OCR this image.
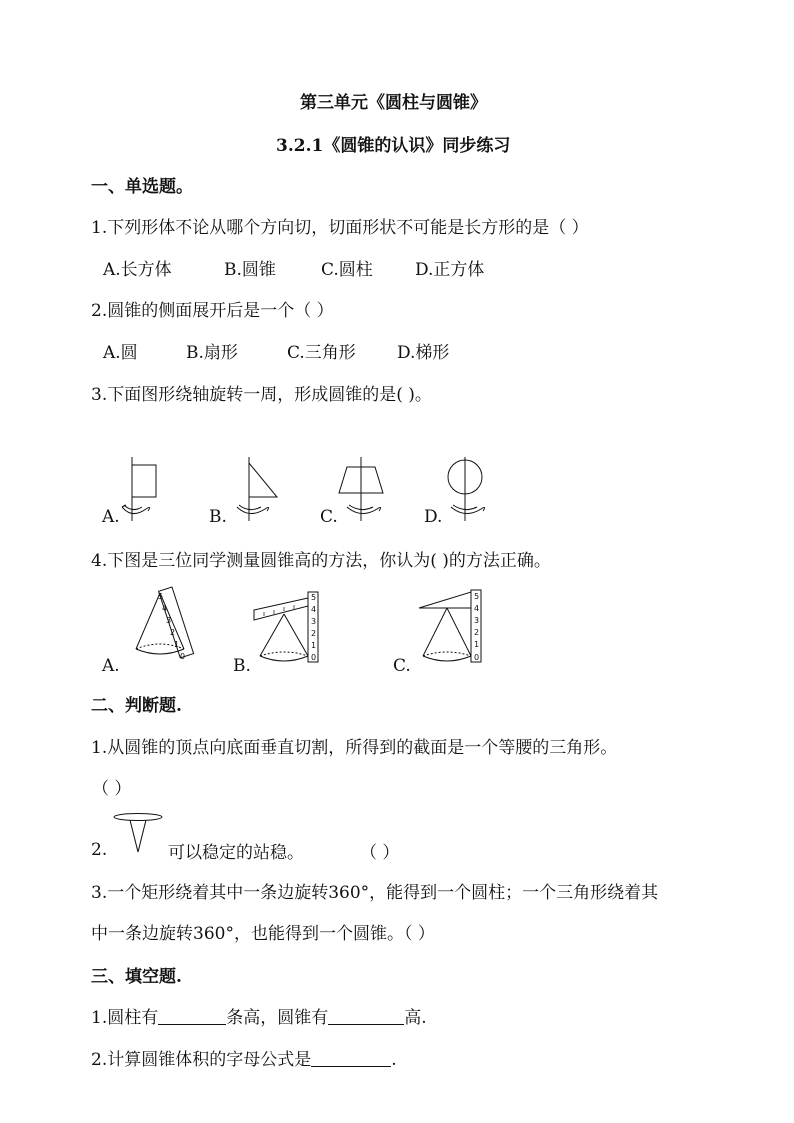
第三单元《圆柱与圆锥》
3.2.1《圆锥的认识》同步练习
一、单选题。
1.下列形体不论从哪个方向切，切面形状不可能是长方形的是（ ）
A.长方体	B.圆锥	C.圆柱 D.正方体
2.圆锥的侧面展开后是一个（ ）
A.圆	B.扇形	C.三角形 D.梯形
3.下面图形绕轴旋转一周，形成圆锥的是( )。
A.	B.	C.	D.
4.下图是三位同学测量圆锥高的方法，你认为( )的方法正确。
A.
5
4
3
2
1
0	B.
5
4
3
2
1
0	C.
5
4
3
2
1
0
二、判断题.
1.从圆锥的顶点向底面垂直切割，所得到的截面是一个等腰的三角形。
（ ）
2.	可以稳定的站稳。	（ ）
3.一个矩形绕着其中一条边旋转360°，能得到一个圆柱；一个三角形绕着其
中一条边旋转360°，也能得到一个圆锥。（ ）
三、填空题.
1.圆柱有	条高，圆锥有	高.
2.计算圆锥体积的字母公式是	.
